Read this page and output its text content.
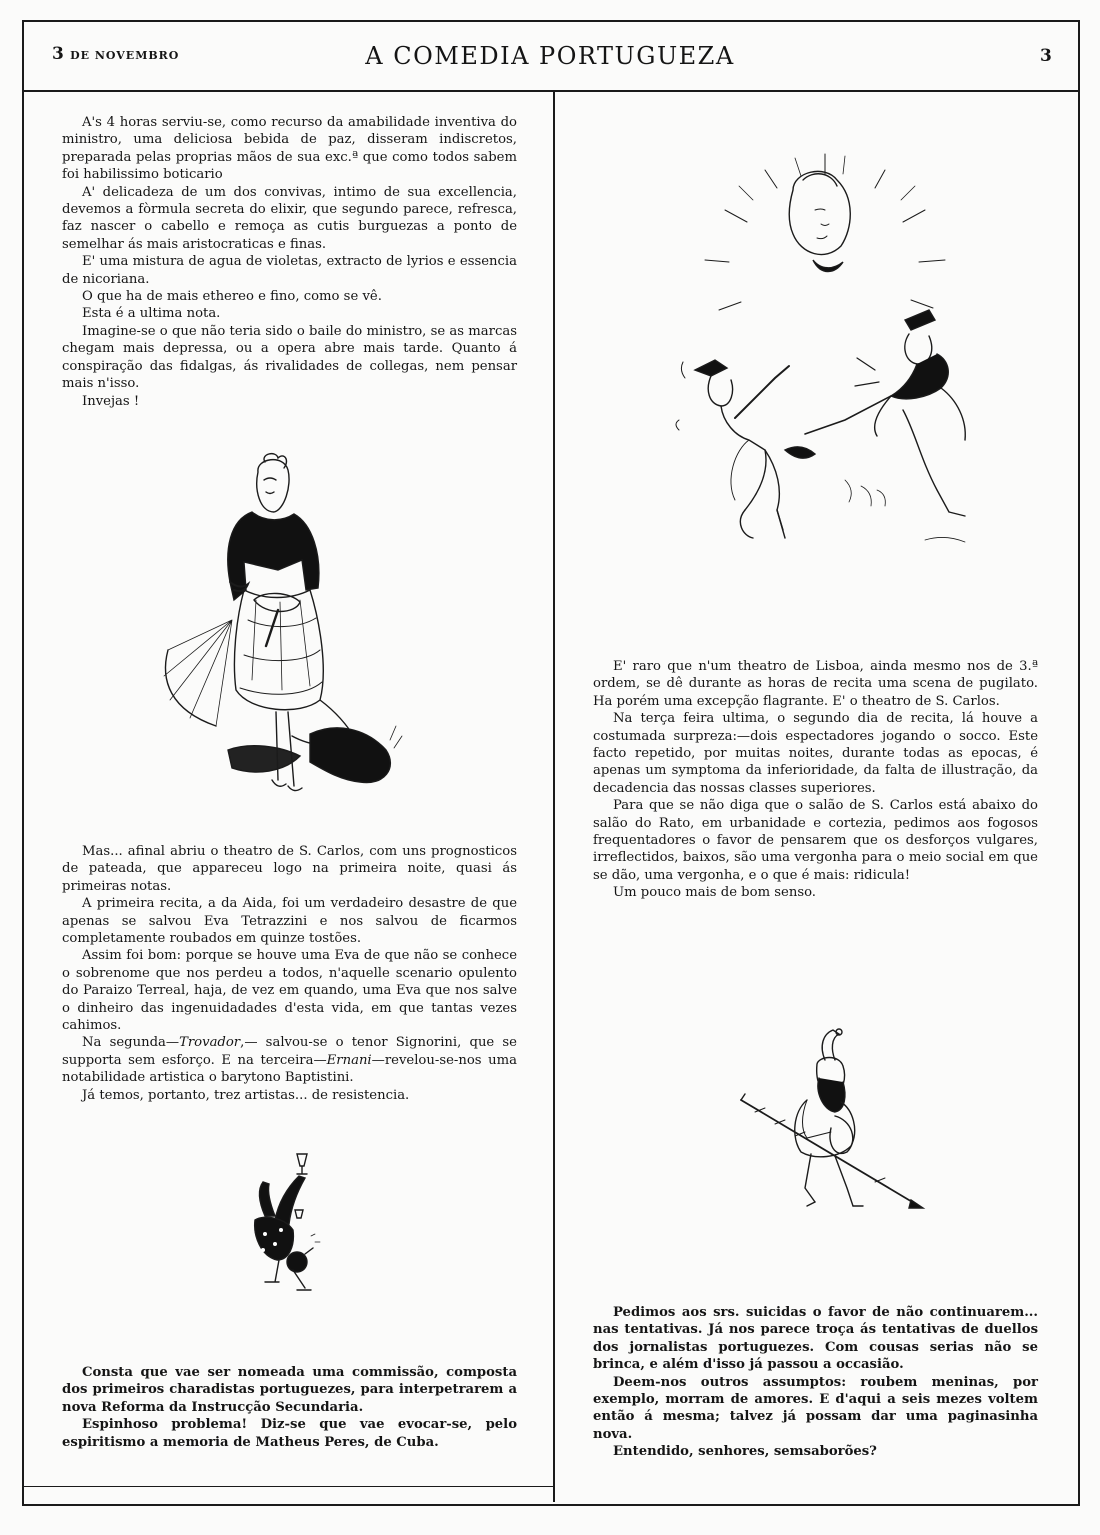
3 DE NOVEMBRO	A COMEDIA PORTUGUEZA	3

A's 4 horas serviu-se, como recurso da amabilidade inventiva do ministro, uma deliciosa bebida de paz, disseram indiscretos, preparada pelas proprias mãos de sua exc.ª que como todos sabem foi habilissimo boticario

A' delicadeza de um dos convivas, intimo de sua excellencia, devemos a fòrmula secreta do elixir, que segundo parece, refresca, faz nascer o cabello e remoça as cutis burguezas a ponto de semelhar ás mais aristocraticas e finas.

E' uma mistura de agua de violetas, extracto de lyrios e essencia de nicoriana.

O que ha de mais ethereo e fino, como se vê.

Esta é a ultima nota.

Imagine-se o que não teria sido o baile do ministro, se as marcas chegam mais depressa, ou a opera abre mais tarde. Quanto á conspiração das fidalgas, ás rivalidades de collegas, nem pensar mais n'isso.

Invejas !

Mas... afinal abriu o theatro de S. Carlos, com uns prognosticos de pateada, que appareceu logo na primeira noite, quasi ás primeiras notas.

A primeira recita, a da Aida, foi um verdadeiro desastre de que apenas se salvou Eva Tetrazzini e nos salvou de ficarmos completamente roubados em quinze tostões.

Assim foi bom: porque se houve uma Eva de que não se conhece o sobrenome que nos perdeu a todos, n'aquelle scenario opulento do Paraizo Terreal, haja, de vez em quando, uma Eva que nos salve o dinheiro das ingenuidadades d'esta vida, em que tantas vezes cahimos.

Na segunda—Trovador,— salvou-se o tenor Signorini, que se supporta sem esforço. E na terceira—Ernani—revelou-se-nos uma notabilidade artistica o barytono Baptistini.

Já temos, portanto, trez artistas... de resistencia.

Consta que vae ser nomeada uma commissão, composta dos primeiros charadistas portuguezes, para interpetrarem a nova Reforma da Instrucção Secundaria.

Espinhoso problema! Diz-se que vae evocar-se, pelo espiritismo a memoria de Matheus Peres, de Cuba.

E' raro que n'um theatro de Lisboa, ainda mesmo nos de 3.ª ordem, se dê durante as horas de recita uma scena de pugilato. Ha porém uma excepção flagrante. E' o theatro de S. Carlos.

Na terça feira ultima, o segundo dia de recita, lá houve a costumada surpreza:—dois espectadores jogando o socco. Este facto repetido, por muitas noites, durante todas as epocas, é apenas um symptoma da inferioridade, da falta de illustração, da decadencia das nossas classes superiores.

Para que se não diga que o salão de S. Carlos está abaixo do salão do Rato, em urbanidade e cortezia, pedimos aos fogosos frequentadores o favor de pensarem que os desforços vulgares, irreflectidos, baixos, são uma vergonha para o meio social em que se dão, uma vergonha, e o que é mais: ridicula!

Um pouco mais de bom senso.

Pedimos aos srs. suicidas o favor de não continuarem... nas tentativas. Já nos parece troça ás tentativas de duellos dos jornalistas portuguezes. Com cousas serias não se brinca, e além d'isso já passou a occasião.

Deem-nos outros assumptos: roubem meninas, por exemplo, morram de amores. E d'aqui a seis mezes voltem então á mesma; talvez já possam dar uma paginasinha nova.

Entendido, senhores, semsaborões?
